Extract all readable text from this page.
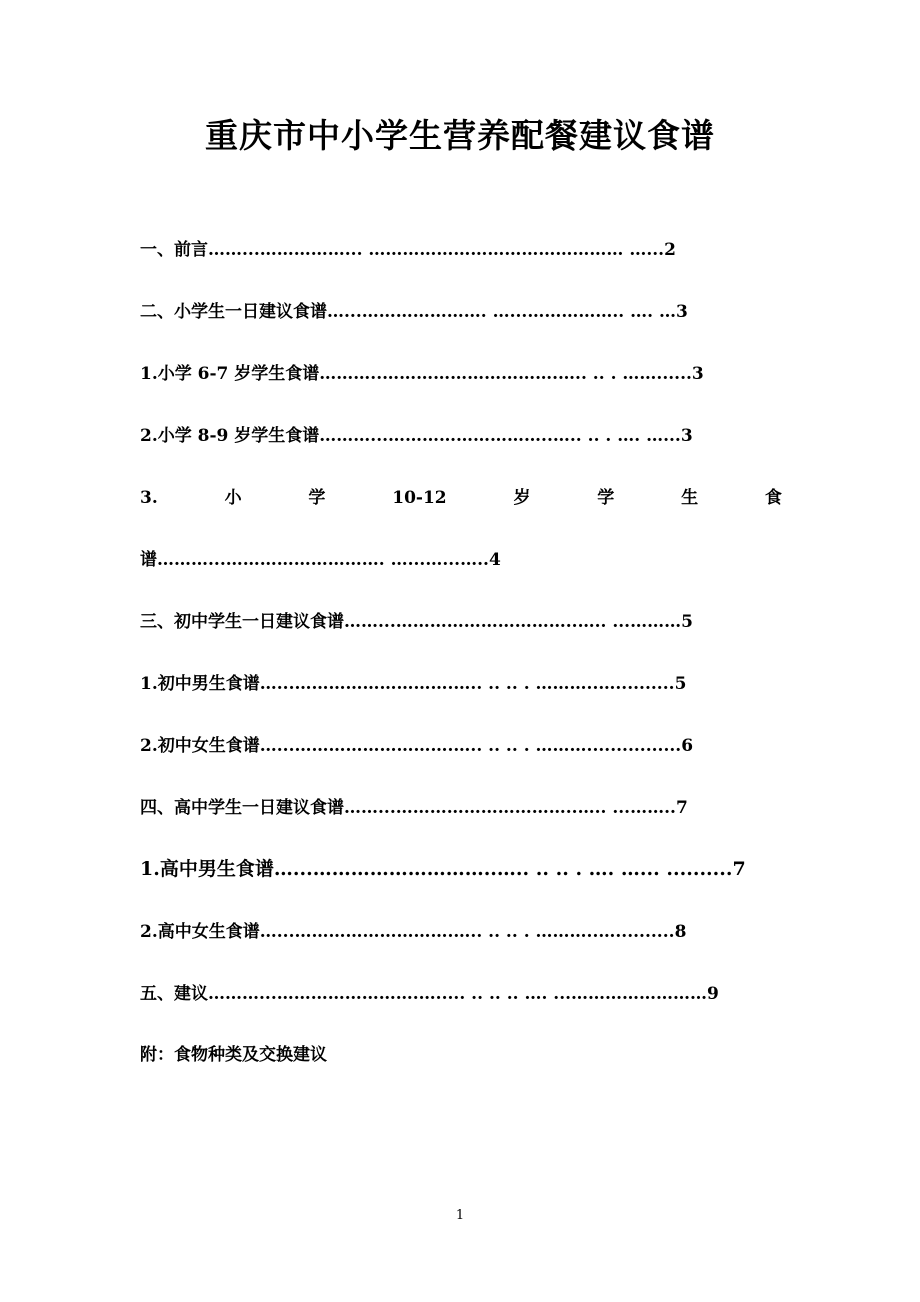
重庆市中小学生营养配餐建议食谱
一、前言……...……………... ……………………………………… …...2
二、小学生一日建议食谱…...…………………. …...…………….. …. …3
1.小学 6-7 岁学生食谱………..………………………….….. .. . ……......3
2.小学 8-9 岁学生食谱………...………………………..….. .. . …. …...3
3.	小	学	10-12	岁	学	生	食
谱………...………………………. …...…...…..4
三、初中学生一日建议食谱……...…………………………..….. ...………5
1.初中男生食谱…...……………………….….. .. .. . ………..…..........5
2.初中女生食谱…...……………………….….. .. .. . ………................6
四、高中学生一日建议食谱……...…………………………..….. ...……..7
1.高中男生食谱…...………………………..….. .. .. . …. …... ..........7
2.高中女生食谱…...……………………….….. .. .. . ………..…..........8
五、建议………...…………………….…..... .. .. .. …. ...……………………9
附：食物种类及交换建议
1
